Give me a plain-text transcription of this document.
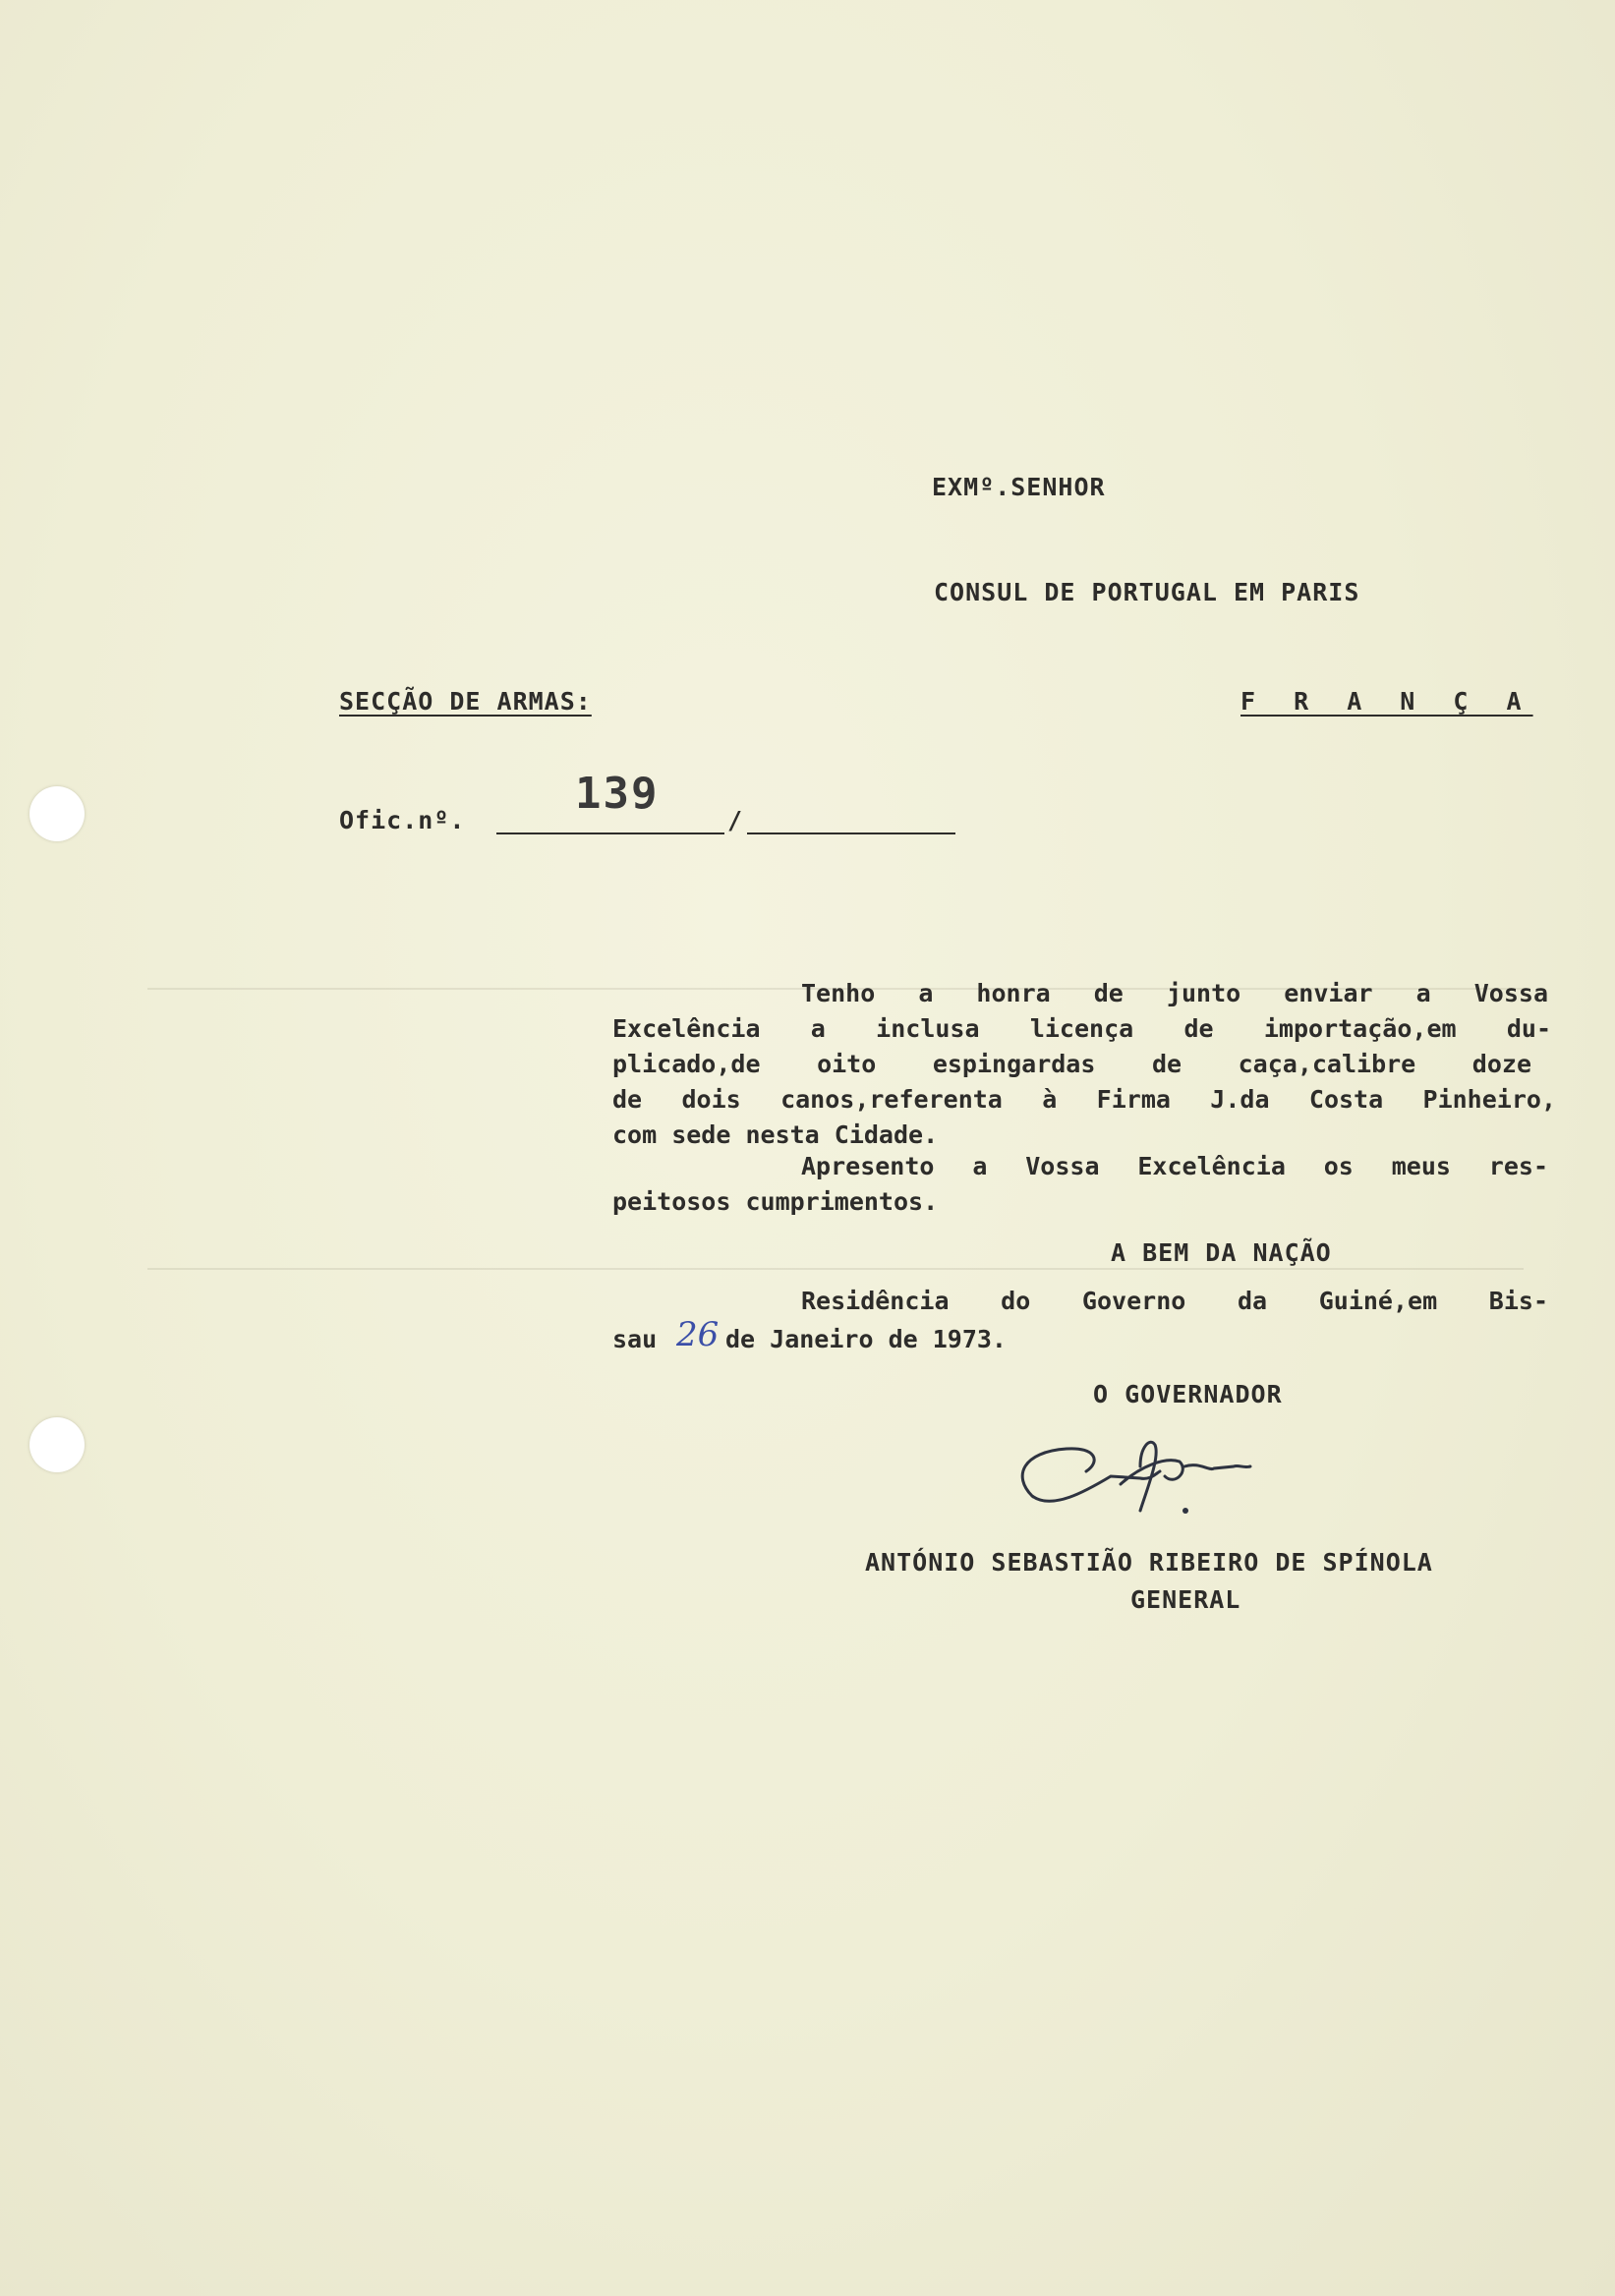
EXMº.SENHOR
CONSUL DE PORTUGAL EM PARIS
SECÇÃO DE ARMAS:	F R A N Ç A
Ofic.nº.
139
/
Tenho a honra de junto enviar a Vossa
Excelência a inclusa licença de importação,em du-
plicado,de oito espingardas de caça,calibre doze
de dois canos,referenta à Firma J.da Costa Pinheiro,
com sede nesta Cidade.
Apresento a Vossa Excelência os meus res-
peitosos cumprimentos.
A BEM DA NAÇÃO
Residência do Governo da Guiné,em Bis-
sau 26 de Janeiro de 1973.
O GOVERNADOR
ANTÓNIO SEBASTIÃO RIBEIRO DE SPÍNOLA
GENERAL
